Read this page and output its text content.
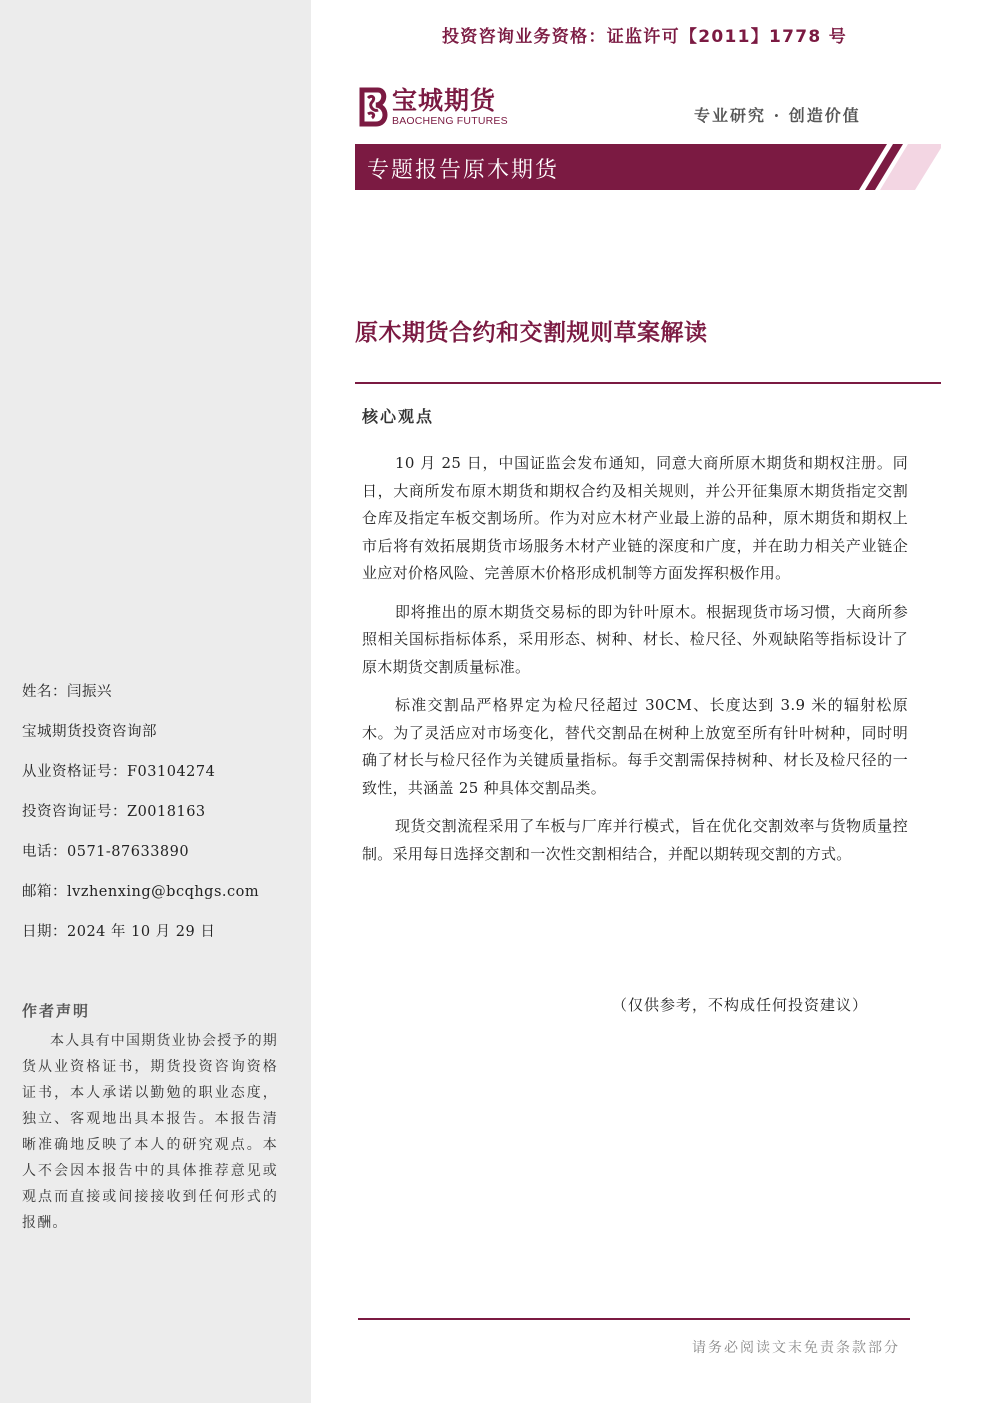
投资咨询业务资格：证监许可【2011】1778 号
宝城期货
BAOCHENG FUTURES	专业研究 · 创造价值
专题报告原木期货
原木期货合约和交割规则草案解读
核心观点

10 月 25 日，中国证监会发布通知，同意大商所原木期货和期权注册。同日，大商所发布原木期货和期权合约及相关规则，并公开征集原木期货指定交割仓库及指定车板交割场所。作为对应木材产业最上游的品种，原木期货和期权上市后将有效拓展期货市场服务木材产业链的深度和广度，并在助力相关产业链企业应对价格风险、完善原木价格形成机制等方面发挥积极作用。

即将推出的原木期货交易标的即为针叶原木。根据现货市场习惯，大商所参照相关国标指标体系，采用形态、树种、材长、检尺径、外观缺陷等指标设计了原木期货交割质量标准。

标准交割品严格界定为检尺径超过 30CM、长度达到 3.9 米的辐射松原木。为了灵活应对市场变化，替代交割品在树种上放宽至所有针叶树种，同时明确了材长与检尺径作为关键质量指标。每手交割需保持树种、材长及检尺径的一致性，共涵盖 25 种具体交割品类。

现货交割流程采用了车板与厂库并行模式，旨在优化交割效率与货物质量控制。采用每日选择交割和一次性交割相结合，并配以期转现交割的方式。

（仅供参考，不构成任何投资建议）
姓名：闫振兴
宝城期货投资咨询部
从业资格证号：F03104274
投资咨询证号：Z0018163
电话：0571-87633890
邮箱：lvzhenxing@bcqhgs.com
日期：2024 年 10 月 29 日
作者声明
本人具有中国期货业协会授予的期货从业资格证书，期货投资咨询资格证书，本人承诺以勤勉的职业态度，独立、客观地出具本报告。本报告清晰准确地反映了本人的研究观点。本人不会因本报告中的具体推荐意见或观点而直接或间接接收到任何形式的报酬。
请务必阅读文末免责条款部分
